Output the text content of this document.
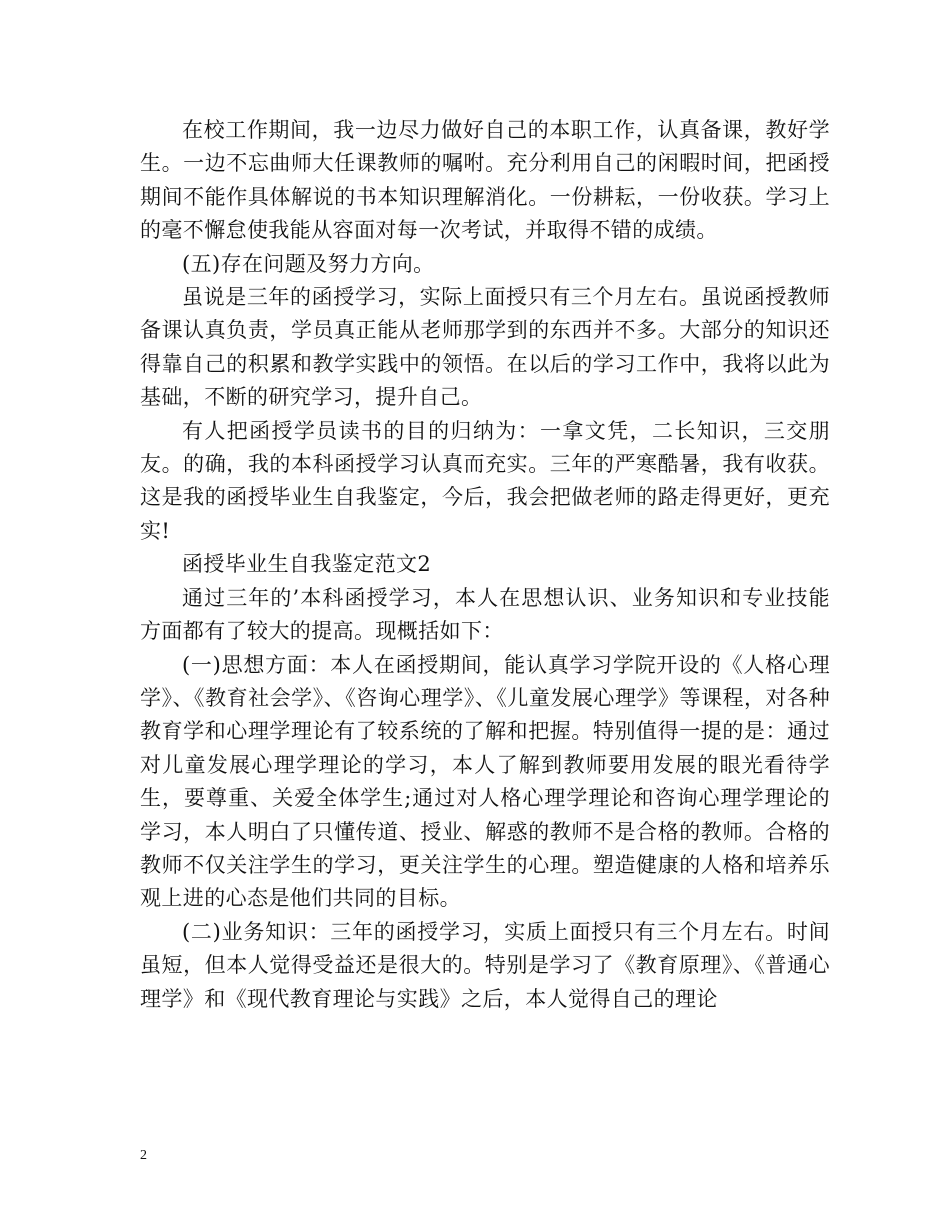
在校工作期间，我一边尽力做好自己的本职工作，认真备课，教好学生。一边不忘曲师大任课教师的嘱咐。充分利用自己的闲暇时间，把函授期间不能作具体解说的书本知识理解消化。一份耕耘，一份收获。学习上的毫不懈怠使我能从容面对每一次考试，并取得不错的成绩。

(五)存在问题及努力方向。

虽说是三年的函授学习，实际上面授只有三个月左右。虽说函授教师备课认真负责，学员真正能从老师那学到的东西并不多。大部分的知识还得靠自己的积累和教学实践中的领悟。在以后的学习工作中，我将以此为基础，不断的研究学习，提升自己。

有人把函授学员读书的目的归纳为：一拿文凭，二长知识，三交朋友。的确，我的本科函授学习认真而充实。三年的严寒酷暑，我有收获。这是我的函授毕业生自我鉴定，今后，我会把做老师的路走得更好，更充实!

函授毕业生自我鉴定范文2

通过三年的’本科函授学习，本人在思想认识、业务知识和专业技能方面都有了较大的提高。现概括如下：

(一)思想方面：本人在函授期间，能认真学习学院开设的《人格心理学》、《教育社会学》、《咨询心理学》、《儿童发展心理学》等课程，对各种教育学和心理学理论有了较系统的了解和把握。特别值得一提的是：通过对儿童发展心理学理论的学习，本人了解到教师要用发展的眼光看待学生，要尊重、关爱全体学生;通过对人格心理学理论和咨询心理学理论的学习，本人明白了只懂传道、授业、解惑的教师不是合格的教师。合格的教师不仅关注学生的学习，更关注学生的心理。塑造健康的人格和培养乐观上进的心态是他们共同的目标。

(二)业务知识：三年的函授学习，实质上面授只有三个月左右。时间虽短，但本人觉得受益还是很大的。特别是学习了《教育原理》、《普通心理学》和《现代教育理论与实践》之后，本人觉得自己的理论

2
